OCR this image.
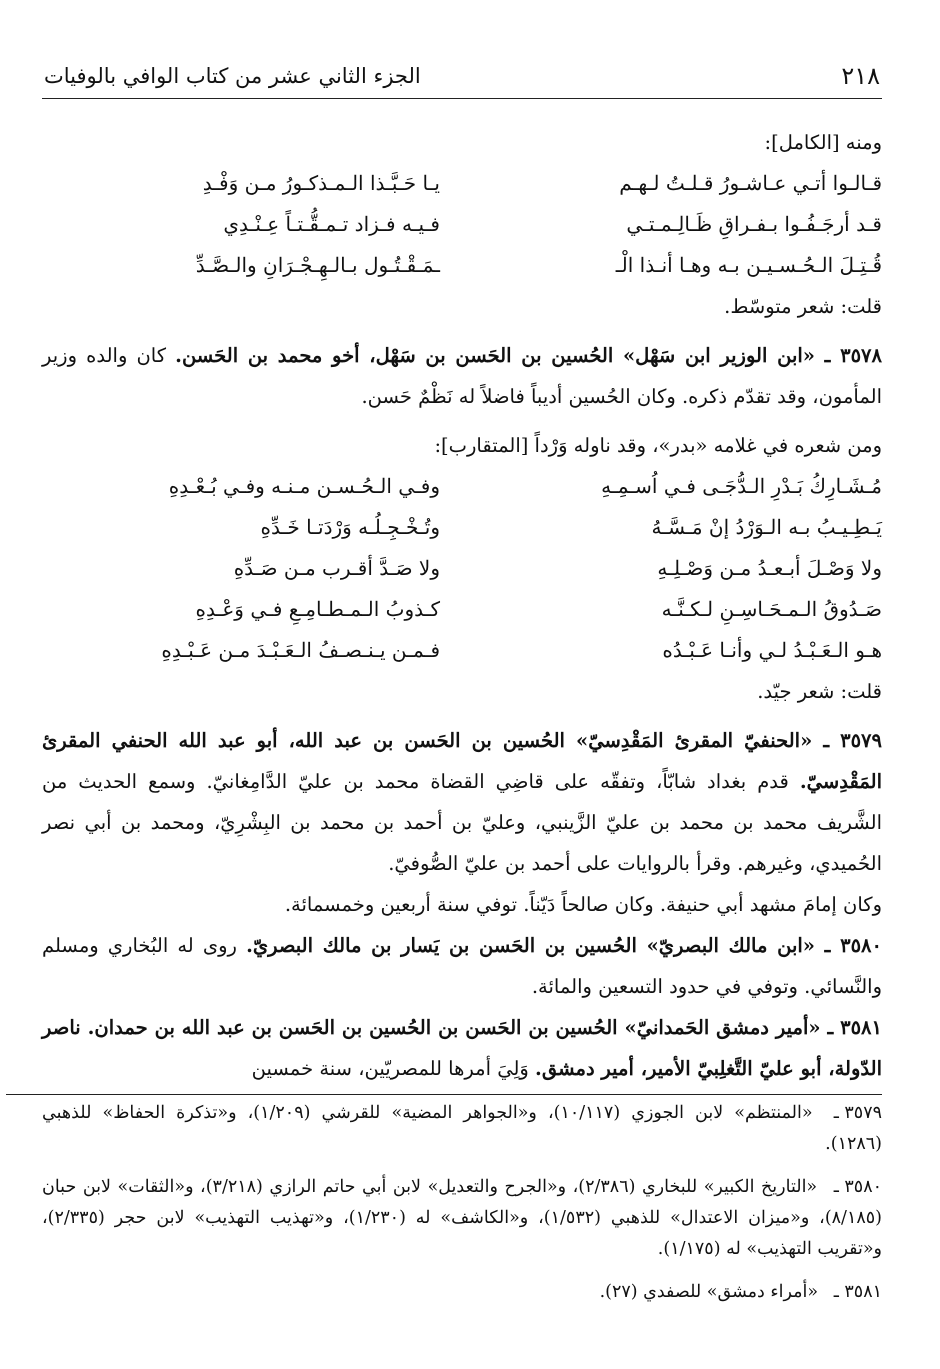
٢١٨
الجزء الثاني عشر من كتاب الوافي بالوفيات

ومنه [الكامل]:

قـالـوا أتـي عـاشـورُ قـلـتُ لـهـم
يـا حَـبَّـذا الـمـذكـورُ مـن وَفْـدِ
قـد أرجَـفُـوا بـفـراقِ ظَـالِـمـتـي
فـيـه فـزاد تـمـقُّـتـاً عِـنْـدِي
قُـتِـلَ الـحُـسـيـن بـه وهـا أنـذا الْـ
ـمَـقْـتُـول بـالـهِـجْـرَانِ والـصَّـدِّ

قلت: شعر متوسّط.

٣٥٧٨ ـ «ابن الوزير ابن سَهْل» الحُسين بن الحَسن بن سَهْل، أخو محمد بن الحَسن. كان والده وزير المأمون، وقد تقدّم ذكره. وكان الحُسين أديباً فاضلاً له نَظْمٌ حَسن.

ومن شعره في غلامه «بدر»، وقد ناوله وَرْداً [المتقارب]:

مُـشَـارِكُ بَـدْرِ الـدُّجَـى فـي اُسـمِـهِ
وفـي الـحُـسـن مـنـه وفـي بُـعْـدِهِ
يَـطِـيـبُ بـه الـوَرْدُ إنْ مَـسَّـهُ
وتُـخْـجِـلُـه وَرْدَتـا خَـدِّهِ
ولا وَصْـلَ أبـعـدُ مـن وَصْـلِـهِ
ولا صَـدَّ أقـرب مـن صَـدِّهِ
صَـدُوقُ الـمـحَـاسِـنِ لـكـنَّـه
كـذوبُ الـمـطـامِـعِ فـي وَعْـدِهِ
هـو الـعَـبْـدُ لـي وأنـا عَـبْـدُه
فـمـن يـنـصـفُ الـعَـبْـدَ مـن عَـبْـدِهِ

قلت: شعر جيّد.

٣٥٧٩ ـ «الحنفيّ المقرئ المَقْدِسيّ» الحُسين بن الحَسن بن عبد الله، أبو عبد الله الحنفي المقرئ المَقْدِسيّ. قدم بغداد شابّاً، وتفقّه على قاضِي القضاة محمد بن عليّ الدَّامِغانيّ. وسمع الحديث من الشَّريف محمد بن محمد بن عليّ الزَّينبي، وعليّ بن أحمد بن محمد بن البِشْرِيّ، ومحمد بن أبي نصر الحُميدي، وغيرهم. وقرأ بالروايات على أحمد بن عليّ الصُّوفيّ.

وكان إمامَ مشهد أبي حنيفة. وكان صالحاً دَيّناً. توفي سنة أربعين وخمسمائة.

٣٥٨٠ ـ «ابن مالك البصريّ» الحُسين بن الحَسن بن يَسار بن مالك البصريّ. روى له البُخاري ومسلم والنَّسائي. وتوفي في حدود التسعين والمائة.

٣٥٨١ ـ «أمير دمشق الحَمدانيّ» الحُسين بن الحَسن بن الحُسين بن الحَسن بن عبد الله بن حمدان. ناصر الدّولة، أبو عليّ التَّغلِبيّ الأمير، أمير دمشق. وَلِيَ أمرها للمصريّين، سنة خمسين

٣٥٧٩ ـ «المنتظم» لابن الجوزي (١٠/١١٧)، و«الجواهر المضية» للقرشي (١/٢٠٩)، و«تذكرة الحفاظ» للذهبي (١٢٨٦).

٣٥٨٠ ـ «التاريخ الكبير» للبخاري (٢/٣٨٦)، و«الجرح والتعديل» لابن أبي حاتم الرازي (٣/٢١٨)، و«الثقات» لابن حبان (٨/١٨٥)، و«ميزان الاعتدال» للذهبي (١/٥٣٢)، و«الكاشف» له (١/٢٣٠)، و«تهذيب التهذيب» لابن حجر (٢/٣٣٥)، و«تقريب التهذيب» له (١/١٧٥).

٣٥٨١ ـ «أمراء دمشق» للصفدي (٢٧).
